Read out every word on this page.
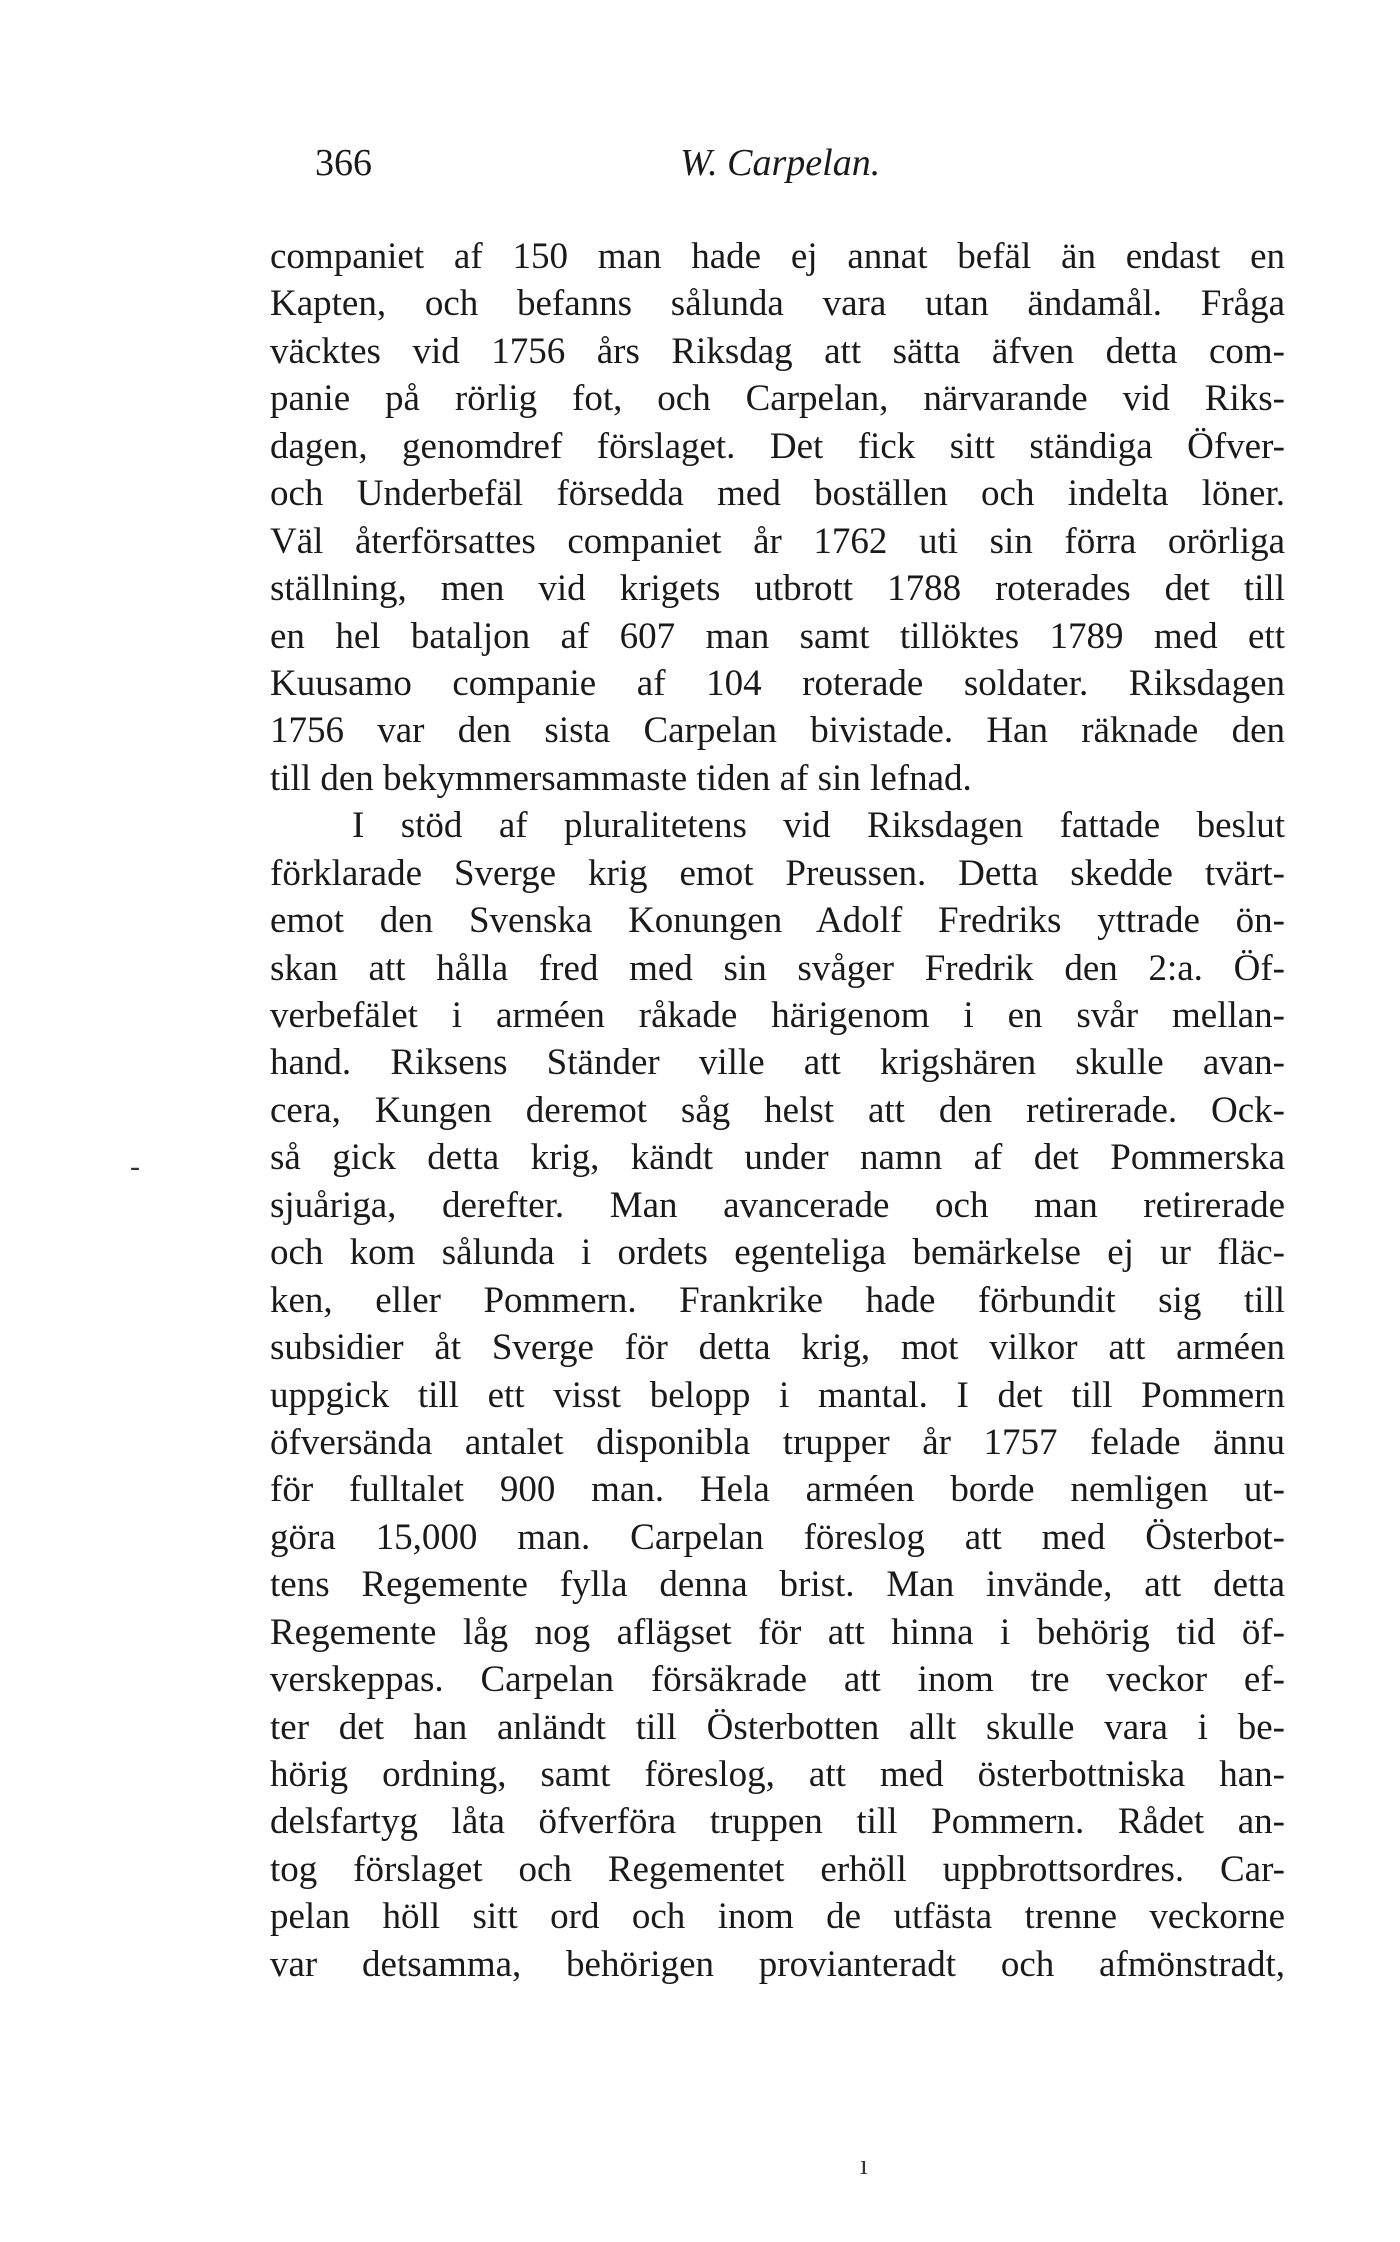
366	W. Carpelan.
companiet af 150 man hade ej annat befäl än endast en
Kapten, och befanns sålunda vara utan ändamål. Fråga
väcktes vid 1756 års Riksdag att sätta äfven detta com-
panie på rörlig fot, och Carpelan, närvarande vid Riks-
dagen, genomdref förslaget. Det fick sitt ständiga Öfver-
och Underbefäl försedda med boställen och indelta löner.
Väl återförsattes companiet år 1762 uti sin förra orörliga
ställning, men vid krigets utbrott 1788 roterades det till
en hel bataljon af 607 man samt tillöktes 1789 med ett
Kuusamo companie af 104 roterade soldater. Riksdagen
1756 var den sista Carpelan bivistade. Han räknade den
till den bekymmersammaste tiden af sin lefnad.
I stöd af pluralitetens vid Riksdagen fattade beslut
förklarade Sverge krig emot Preussen. Detta skedde tvärt-
emot den Svenska Konungen Adolf Fredriks yttrade ön-
skan att hålla fred med sin svåger Fredrik den 2:a. Öf-
verbefälet i arméen råkade härigenom i en svår mellan-
hand. Riksens Ständer ville att krigshären skulle avan-
cera, Kungen deremot såg helst att den retirerade. Ock-
så gick detta krig, kändt under namn af det Pommerska
sjuåriga, derefter. Man avancerade och man retirerade
och kom sålunda i ordets egenteliga bemärkelse ej ur fläc-
ken, eller Pommern. Frankrike hade förbundit sig till
subsidier åt Sverge för detta krig, mot vilkor att arméen
uppgick till ett visst belopp i mantal. I det till Pommern
öfversända antalet disponibla trupper år 1757 felade ännu
för fulltalet 900 man. Hela arméen borde nemligen ut-
göra 15,000 man. Carpelan föreslog att med Österbot-
tens Regemente fylla denna brist. Man invände, att detta
Regemente låg nog aflägset för att hinna i behörig tid öf-
verskeppas. Carpelan försäkrade att inom tre veckor ef-
ter det han anländt till Österbotten allt skulle vara i be-
hörig ordning, samt föreslog, att med österbottniska han-
delsfartyg låta öfverföra truppen till Pommern. Rådet an-
tog förslaget och Regementet erhöll uppbrottsordres. Car-
pelan höll sitt ord och inom de utfästa trenne veckorne
var detsamma, behörigen provianteradt och afmönstradt,
-
ı
